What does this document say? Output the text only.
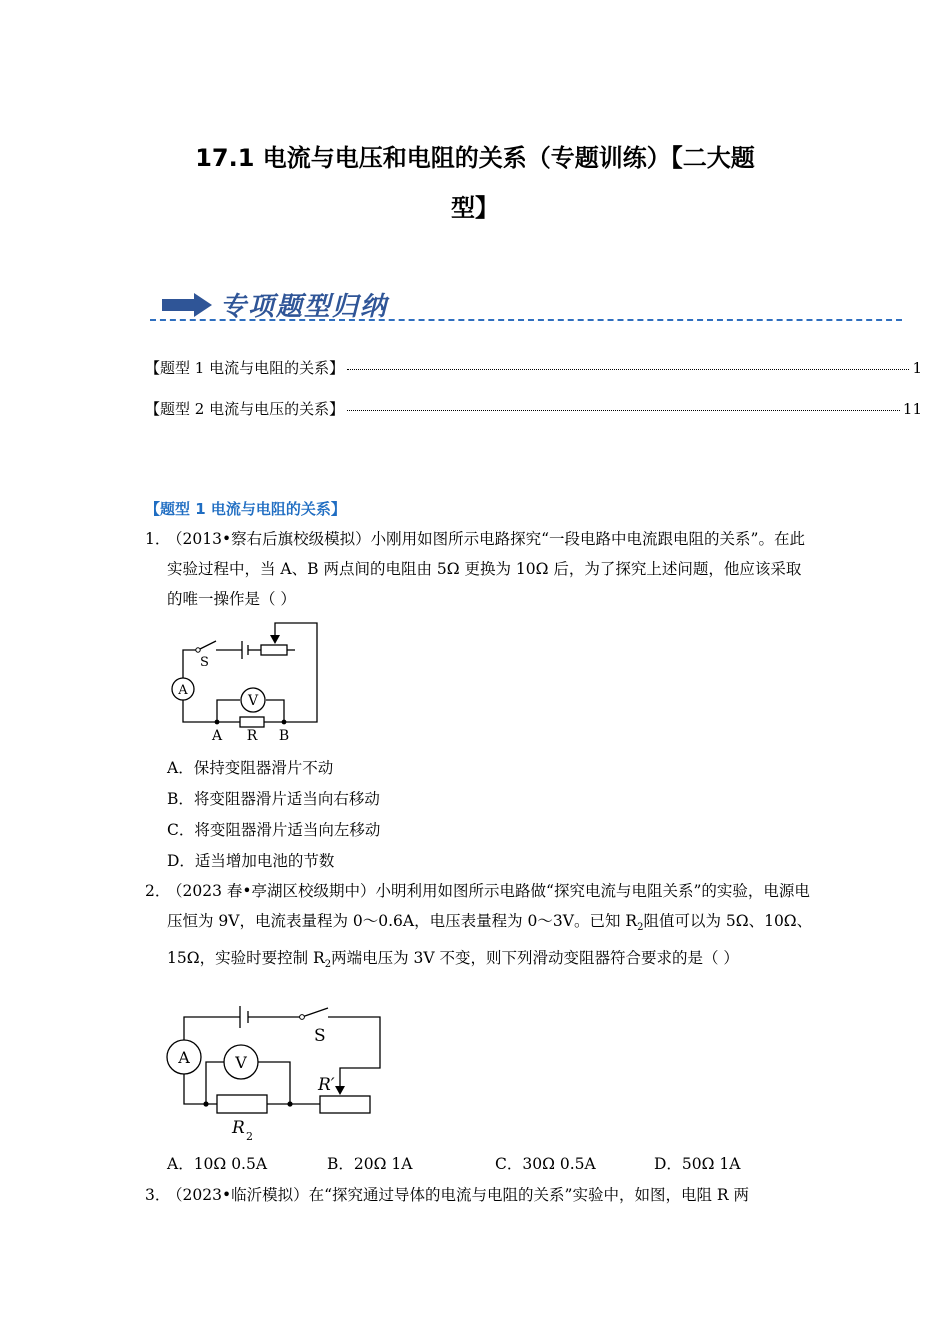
17.1 电流与电压和电阻的关系（专题训练）【二大题
型】
专项题型归纳
【题型 1 电流与电阻的关系】	1
【题型 2 电流与电压的关系】	11
【题型 1 电流与电阻的关系】
1．
（2013•察右后旗校级模拟）小刚用如图所示电路探究“一段电路中电流跟电阻的关系”。在此实验过程中，当 A、B 两点间的电阻由 5Ω 更换为 10Ω 后，为了探究上述问题，他应该采取的唯一操作是（ ）
A
V
S
A R B
A．保持变阻器滑片不动
B．将变阻器滑片适当向右移动
C．将变阻器滑片适当向左移动
D．适当增加电池的节数
2．
（2023 春•亭湖区校级期中）小明利用如图所示电路做“探究电流与电阻关系”的实验，电源电压恒为 9V，电流表量程为 0～0.6A，电压表量程为 0～3V。已知 $R_2$阻值可以为 5Ω、10Ω、15Ω，实验时要控制 $R_2$两端电压为 3V 不变，则下列滑动变阻器符合要求的是（ ）
A	V
S
R′
R 2
A．10Ω 0.5A	B．20Ω 1A	C．30Ω 0.5A	D．50Ω 1A
3．
（2023•临沂模拟）在“探究通过导体的电流与电阻的关系”实验中，如图，电阻 R 两
